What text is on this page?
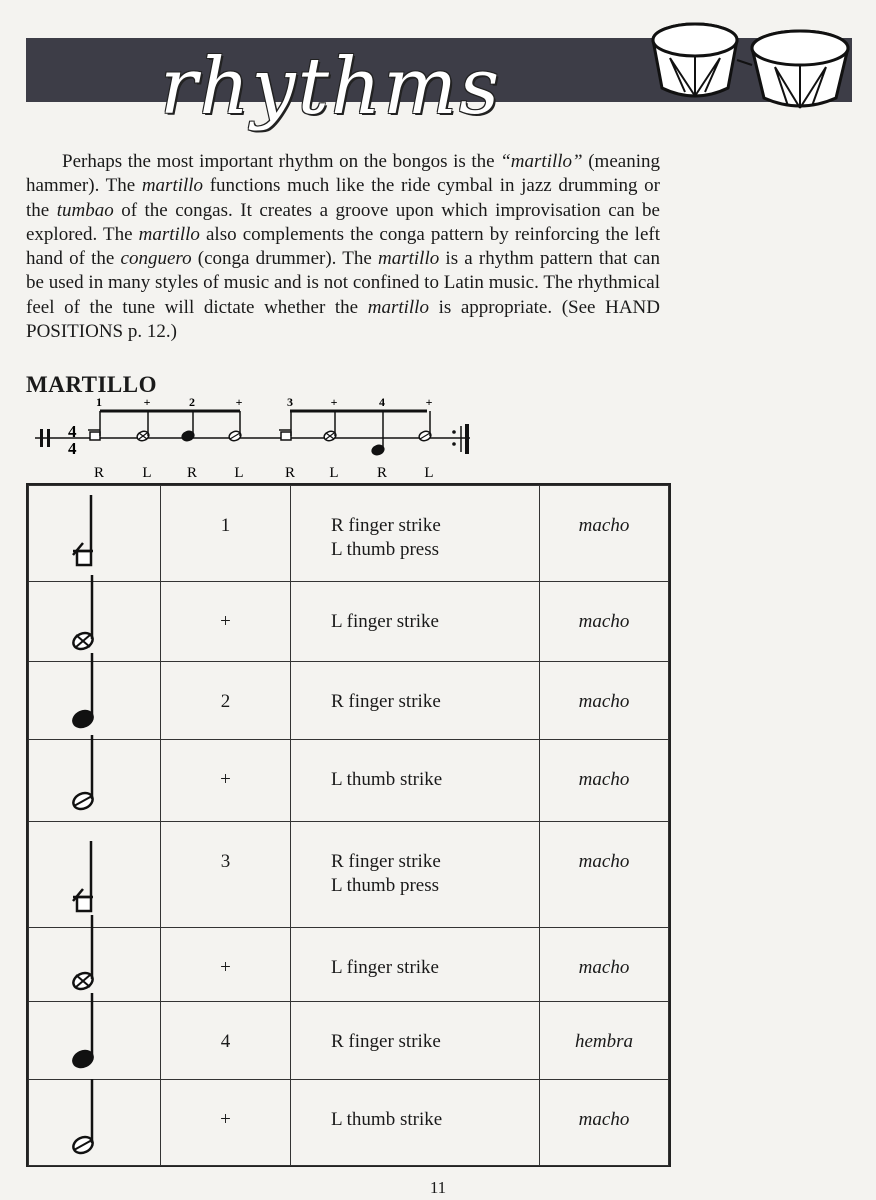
rhythms

Perhaps the most important rhythm on the bongos is the “martillo” (meaning hammer). The martillo functions much like the ride cymbal in jazz drumming or the tumbao of the congas. It creates a groove upon which improvisation can be explored. The martillo also complements the conga pattern by reinforcing the left hand of the conguero (conga drummer). The martillo is a rhythm pattern that can be used in many styles of music and is not confined to Latin music. The rhythmical feel of the tune will dictate whether the martillo is appropriate. (See HAND POSITIONS p. 12.)

MARTILLO
4
4
1	+	2	+	3	+	4	+
R	L R L	R L	R L

1	R finger strike
L thumb press	macho

+	L finger strike	macho

2	R finger strike	macho

+	L thumb strike	macho

3	R finger strike
L thumb press	macho

+	L finger strike	macho

4	R finger strike	hembra

+	L thumb strike	macho
11
